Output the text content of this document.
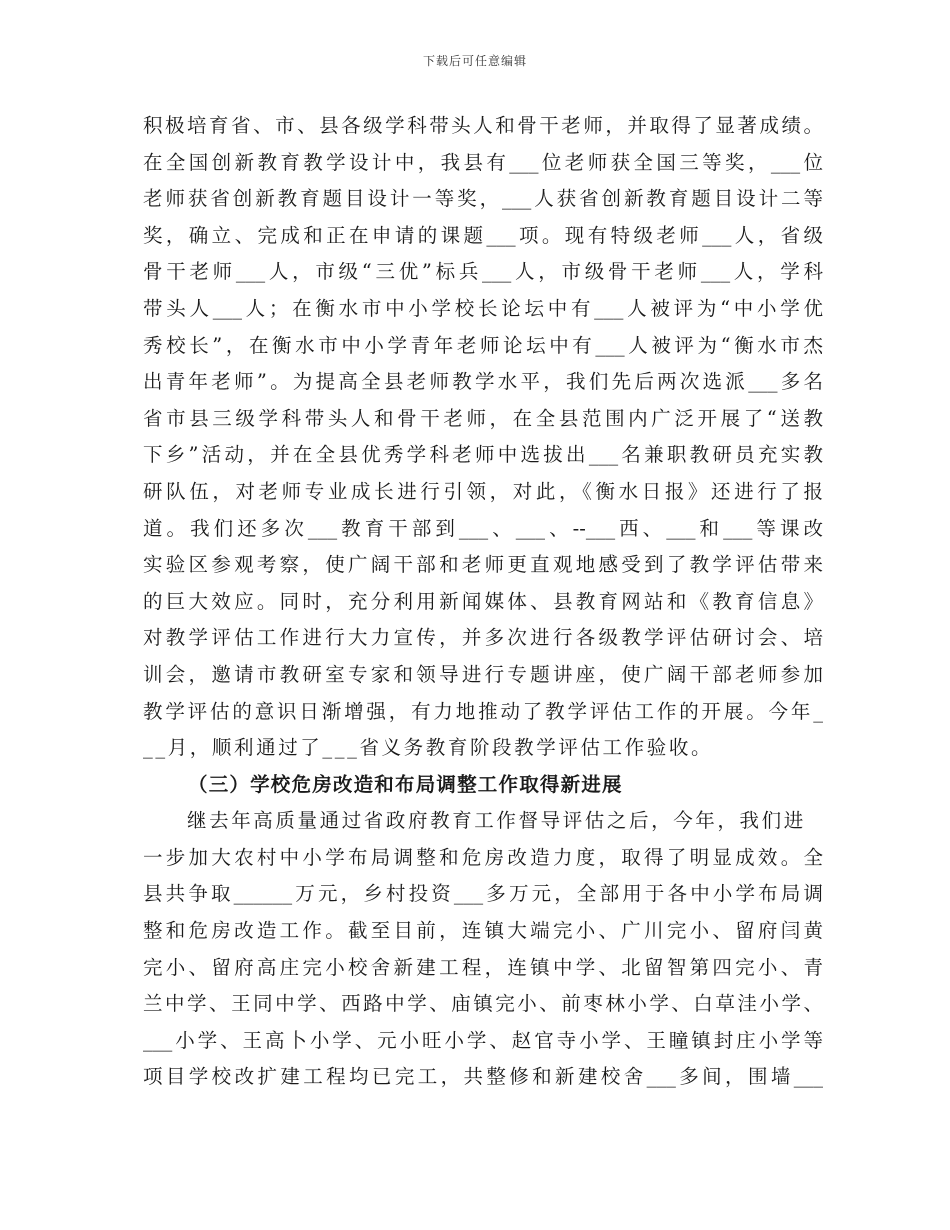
下载后可任意编辑
积极培育省、市、县各级学科带头人和骨干老师，并取得了显著成绩。
在全国创新教育教学设计中，我县有___位老师获全国三等奖，___位
老师获省创新教育题目设计一等奖，___人获省创新教育题目设计二等
奖，确立、完成和正在申请的课题___项。现有特级老师___人，省级
骨干老师___人，市级“三优”标兵___人，市级骨干老师___人，学科
带头人___人；在衡水市中小学校长论坛中有___人被评为“中小学优
秀校长”，在衡水市中小学青年老师论坛中有___人被评为“衡水市杰
出青年老师”。为提高全县老师教学水平，我们先后两次选派___多名
省市县三级学科带头人和骨干老师，在全县范围内广泛开展了“送教
下乡”活动，并在全县优秀学科老师中选拔出___名兼职教研员充实教
研队伍，对老师专业成长进行引领，对此，《衡水日报》还进行了报
道。我们还多次___教育干部到___、___、--___西、___和___等课改
实验区参观考察，使广阔干部和老师更直观地感受到了教学评估带来
的巨大效应。同时，充分利用新闻媒体、县教育网站和《教育信息》
对教学评估工作进行大力宣传，并多次进行各级教学评估研讨会、培
训会，邀请市教研室专家和领导进行专题讲座，使广阔干部老师参加
教学评估的意识日渐增强，有力地推动了教学评估工作的开展。今年_
__月，顺利通过了___省义务教育阶段教学评估工作验收。
（三）学校危房改造和布局调整工作取得新进展
继去年高质量通过省政府教育工作督导评估之后，今年，我们进
一步加大农村中小学布局调整和危房改造力度，取得了明显成效。全
县共争取______万元，乡村投资___多万元，全部用于各中小学布局调
整和危房改造工作。截至目前，连镇大端完小、广川完小、留府闫黄
完小、留府高庄完小校舍新建工程，连镇中学、北留智第四完小、青
兰中学、王同中学、西路中学、庙镇完小、前枣林小学、白草洼小学、
___小学、王高卜小学、元小旺小学、赵官寺小学、王瞳镇封庄小学等
项目学校改扩建工程均已完工，共整修和新建校舍___多间，围墙___
